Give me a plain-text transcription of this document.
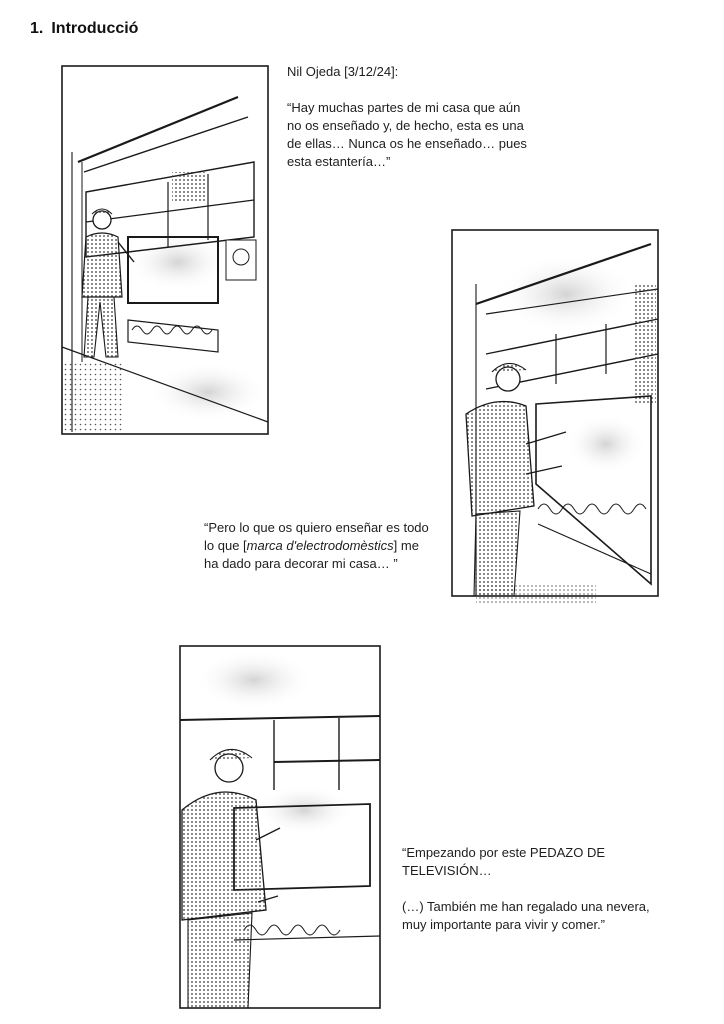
1. Introducció

Nil Ojeda [3/12/24]:

“Hay muchas partes de mi casa que aún
no os enseñado y, de hecho, esta es una
de ellas… Nunca os he enseñado… pues
esta estantería…”
“Pero lo que os quiero enseñar es todo
lo que [marca d'electrodomèstics] me
ha dado para decorar mi casa… ”
“Empezando por este PEDAZO DE
TELEVISIÓN…
(…) También me han regalado una nevera,
muy importante para vivir y comer.”
